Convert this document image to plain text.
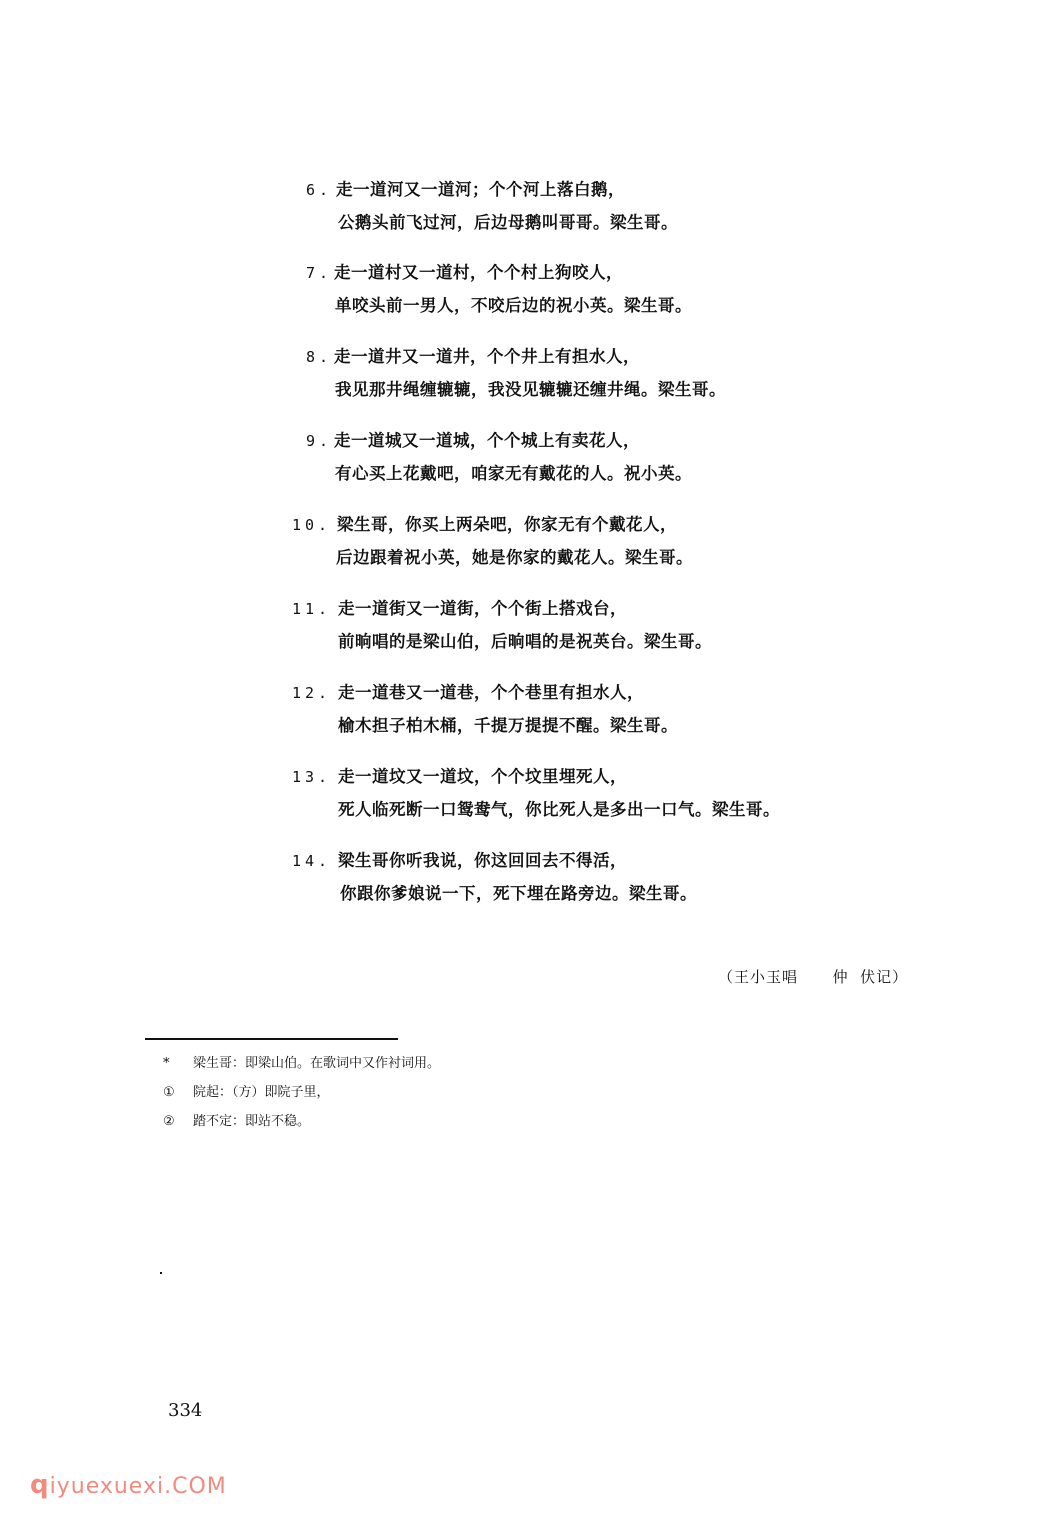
6. 走一道河又一道河；个个河上落白鹅，
公鹅头前飞过河，后边母鹅叫哥哥。梁生哥。
7. 走一道村又一道村，个个村上狗咬人，
单咬头前一男人，不咬后边的祝小英。梁生哥。
8. 走一道井又一道井，个个井上有担水人，
我见那井绳缠辘辘，我没见辘辘还缠井绳。梁生哥。
9. 走一道城又一道城，个个城上有卖花人，
有心买上花戴吧，咱家无有戴花的人。祝小英。
10. 梁生哥，你买上两朵吧，你家无有个戴花人，
后边跟着祝小英，她是你家的戴花人。梁生哥。
11. 走一道街又一道街，个个街上搭戏台，
前晌唱的是梁山伯，后晌唱的是祝英台。梁生哥。
12. 走一道巷又一道巷，个个巷里有担水人，
榆木担子柏木桶，千提万提提不醒。梁生哥。
13. 走一道坟又一道坟，个个坟里埋死人，
死人临死断一口鸳鸯气，你比死人是多出一口气。梁生哥。
14. 梁生哥你听我说，你这回回去不得活，
你跟你爹娘说一下，死下埋在路旁边。梁生哥。
（王小玉唱      仲  伏记）
* 梁生哥：即梁山伯。在歌词中又作衬词用。
① 院起：（方）即院子里，
② 踏不定：即站不稳。
334
qiyuexuexi.COM
